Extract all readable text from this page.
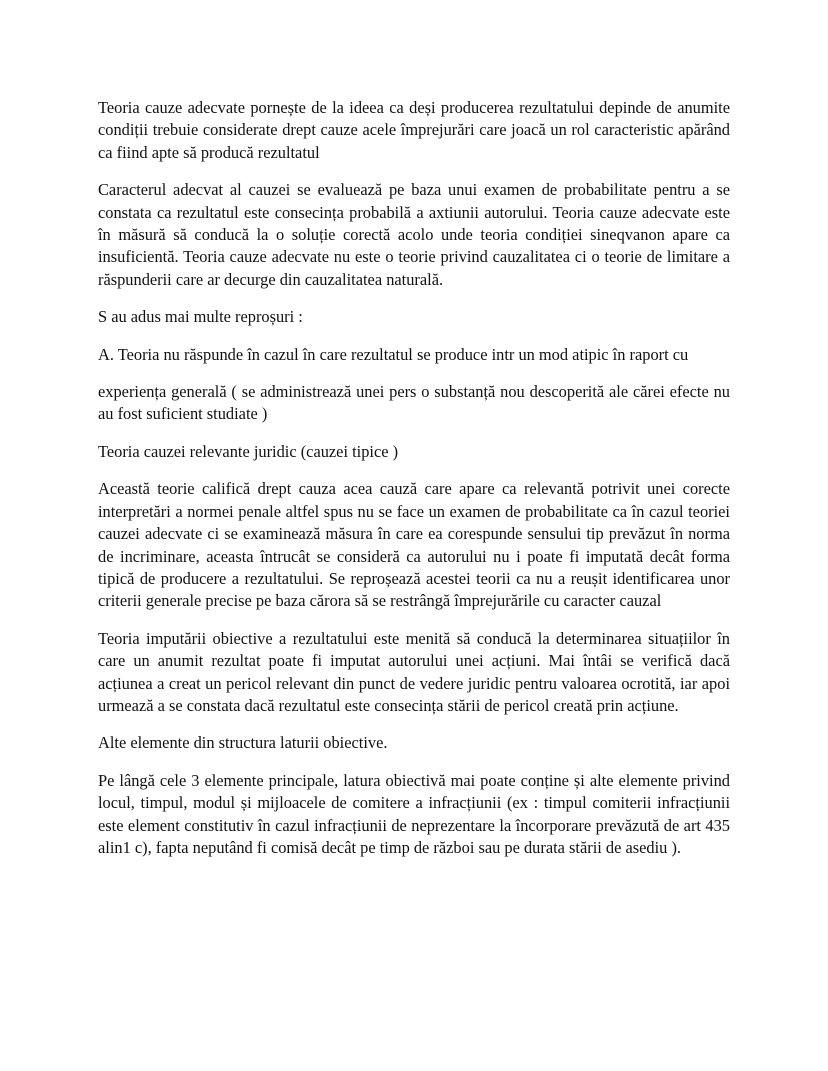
Teoria cauze adecvate pornește de la ideea ca deși producerea rezultatului depinde de anumite condiții trebuie considerate drept cauze acele împrejurări care joacă un rol caracteristic apărând ca fiind apte să producă rezultatul

Caracterul adecvat al cauzei se evaluează pe baza unui examen de probabilitate pentru a se constata ca rezultatul este consecința probabilă a axtiunii autorului. Teoria cauze adecvate este în măsură să conducă la o soluție corectă acolo unde teoria condiției sineqvanon apare ca insuficientă. Teoria cauze adecvate nu este o teorie privind cauzalitatea ci o teorie de limitare a răspunderii care ar decurge din cauzalitatea naturală.

S au adus mai multe reproșuri :

A. Teoria nu răspunde în cazul în care rezultatul se produce intr un mod atipic în raport cu

experiența generală ( se administrează unei pers o substanță nou descoperită ale cărei efecte nu au fost suficient studiate )

Teoria cauzei relevante juridic (cauzei tipice )

Această teorie califică drept cauza acea cauză care apare ca relevantă potrivit unei corecte interpretări a normei penale altfel spus nu se face un examen de probabilitate ca în cazul teoriei cauzei adecvate ci se examinează măsura în care ea corespunde sensului tip prevăzut în norma de incriminare, aceasta întrucât se consideră ca autorului nu i poate fi imputată decât forma tipică de producere a rezultatului. Se reproșează acestei teorii ca nu a reușit identificarea unor criterii generale precise pe baza cărora să se restrângă împrejurările cu caracter cauzal

Teoria imputării obiective a rezultatului este menită să conducă la determinarea situațiilor în care un anumit rezultat poate fi imputat autorului unei acțiuni. Mai întâi se verifică dacă acțiunea a creat un pericol relevant din punct de vedere juridic pentru valoarea ocrotită, iar apoi urmează a se constata dacă rezultatul este consecința stării de pericol creată prin acțiune.

Alte elemente din structura laturii obiective.

Pe lângă cele 3 elemente principale, latura obiectivă mai poate conține și alte elemente privind locul, timpul, modul și mijloacele de comitere a infracțiunii (ex : timpul comiterii infracțiunii este element constitutiv în cazul infracțiunii de neprezentare la încorporare prevăzută de art 435 alin1 c), fapta neputând fi comisă decât pe timp de război sau pe durata stării de asediu ).
